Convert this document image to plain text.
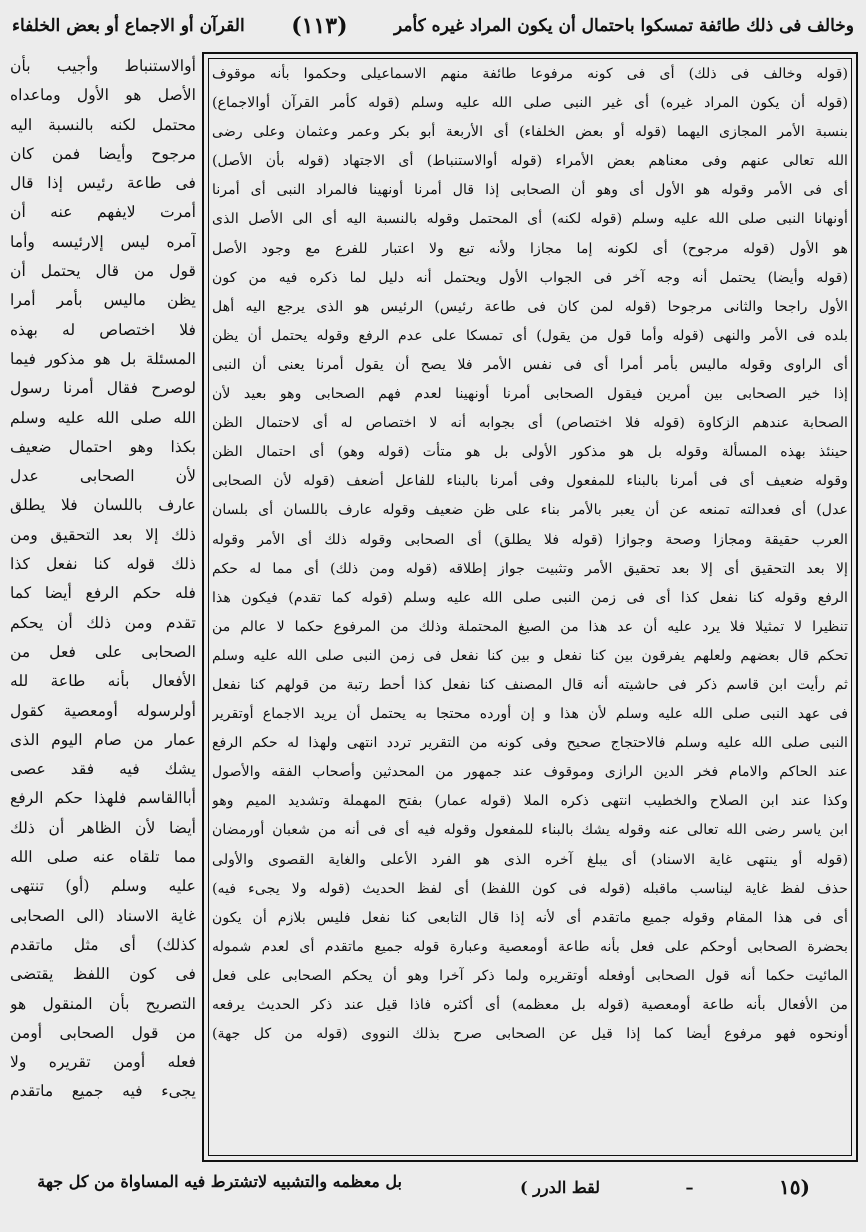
وخالف فى ذلك طائفة تمسكوا باحتمال أن يكون المراد غيره كأمر
(١١٣)
القرآن أو الاجماع أو بعض الخلفاء
(قوله وخالف فى ذلك) أى فى كونه مرفوعا طائفة منهم الاسماعيلى وحكموا بأنه موقوف
(قوله أن يكون المراد غيره) أى غير النبى صلى الله عليه وسلم (قوله كأمر القرآن أوالاجماع)
بنسبة الأمر المجازى اليهما (قوله أو بعض الخلفاء) أى الأربعة أبو بكر وعمر وعثمان وعلى رضى
الله تعالى عنهم وفى معناهم بعض الأمراء (قوله أوالاستنباط) أى الاجتهاد (قوله بأن الأصل)
أى فى الأمر وقوله هو الأول أى وهو أن الصحابى إذا قال أمرنا أونهينا فالمراد النبى أى أمرنا
أونهانا النبى صلى الله عليه وسلم (قوله لكنه) أى المحتمل وقوله بالنسبة اليه أى الى الأصل الذى
هو الأول (قوله مرجوح) أى لكونه إما مجازا ولأنه تبع ولا اعتبار للفرع مع وجود الأصل
(قوله وأيضا) يحتمل أنه وجه آخر فى الجواب الأول ويحتمل أنه دليل لما ذكره فيه من كون
الأول راجحا والثانى مرجوحا (قوله لمن كان فى طاعة رئيس) الرئيس هو الذى يرجع اليه أهل
بلده فى الأمر والنهى (قوله وأما قول من يقول) أى تمسكا على عدم الرفع وقوله يحتمل أن يظن
أى الراوى وقوله ماليس بأمر أمرا أى فى نفس الأمر فلا يصح أن يقول أمرنا يعنى أن النبى
إذا خير الصحابى بين أمرين فيقول الصحابى أمرنا أونهينا لعدم فهم الصحابى وهو بعيد لأن
الصحابة عندهم الزكاوة (قوله فلا اختصاص) أى بجوابه أنه لا اختصاص له أى لاحتمال الظن
حينئذ بهذه المسألة وقوله بل هو مذكور الأولى بل هو متأت (قوله وهو) أى احتمال الظن
وقوله ضعيف أى فى أمرنا بالبناء للمفعول وفى أمرنا بالبناء للفاعل أضعف (قوله لأن الصحابى
عدل) أى فعدالته تمنعه عن أن يعبر بالأمر بناء على ظن ضعيف وقوله عارف باللسان أى بلسان
العرب حقيقة ومجازا وصحة وجوازا (قوله فلا يطلق) أى الصحابى وقوله ذلك أى الأمر وقوله
إلا بعد التحقيق أى إلا بعد تحقيق الأمر وتثبيت جواز إطلاقه (قوله ومن ذلك) أى مما له حكم
الرفع وقوله كنا نفعل كذا أى فى زمن النبى صلى الله عليه وسلم (قوله كما تقدم) فيكون هذا
تنظيرا لا تمثيلا فلا يرد عليه أن عد هذا من الصيغ المحتملة وذلك من المرفوع حكما لا عالم من
تحكم قال بعضهم ولعلهم يفرقون بين كنا نفعل و بين كنا نفعل فى زمن النبى صلى الله عليه وسلم
ثم رأيت ابن قاسم ذكر فى حاشيته أنه قال المصنف كنا نفعل كذا أحط رتبة من قولهم كنا نفعل
فى عهد النبى صلى الله عليه وسلم لأن هذا و إن أورده محتجا به يحتمل أن يريد الاجماع أوتقرير
النبى صلى الله عليه وسلم فالاحتجاج صحيح وفى كونه من التقرير تردد انتهى ولهذا له حكم الرفع
عند الحاكم والامام فخر الدين الرازى وموقوف عند جمهور من المحدثين وأصحاب الفقه والأصول
وكذا عند ابن الصلاح والخطيب انتهى ذكره الملا (قوله عمار) بفتح المهملة وتشديد الميم وهو
ابن ياسر رضى الله تعالى عنه وقوله يشك بالبناء للمفعول وقوله فيه أى فى أنه من شعبان أورمضان
(قوله أو ينتهى غاية الاسناد) أى يبلغ آخره الذى هو الفرد الأعلى والغاية القصوى والأولى
حذف لفظ غاية ليناسب ماقبله (قوله فى كون اللفظ) أى لفظ الحديث (قوله ولا يجىء فيه)
أى فى هذا المقام وقوله جميع ماتقدم أى لأنه إذا قال التابعى كنا نفعل فليس بلازم أن يكون
بحضرة الصحابى أوحكم على فعل بأنه طاعة أومعصية وعبارة قوله جميع ماتقدم أى لعدم شموله
المائيت حكما أنه قول الصحابى أوفعله أوتقريره ولما ذكر آخرا وهو أن يحكم الصحابى على فعل
من الأفعال بأنه طاعة أومعصية (قوله بل معظمه) أى أكثره فاذا قيل عند ذكر الحديث يرفعه
أونحوه فهو مرفوع أيضا كما إذا قيل عن الصحابى صرح بذلك النووى (قوله من كل جهة)
أوالاستنباط وأجيب بأن
الأصل هو الأول وماعداه
محتمل لكنه بالنسبة اليه
مرجوح وأيضا فمن كان
فى طاعة رئيس إذا قال
أمرت لايفهم عنه أن
آمره ليس إلارئيسه وأما
قول من قال يحتمل أن
يظن ماليس بأمر أمرا
فلا اختصاص له بهذه
المسئلة بل هو مذكور فيما
لوصرح فقال أمرنا رسول
الله صلى الله عليه وسلم
بكذا وهو احتمال ضعيف
لأن الصحابى عدل
عارف باللسان فلا يطلق
ذلك إلا بعد التحقيق ومن
ذلك قوله كنا نفعل كذا
فله حكم الرفع أيضا كما
تقدم ومن ذلك أن يحكم
الصحابى على فعل من
الأفعال بأنه طاعة لله
أولرسوله أومعصية كقول
عمار من صام اليوم الذى
يشك فيه فقد عصى
أباالقاسم فلهذا حكم الرفع
أيضا لأن الظاهر أن ذلك
مما تلقاه عنه صلى الله
عليه وسلم (أو) تنتهى
غاية الاسناد (الى الصحابى
كذلك) أى مثل ماتقدم
فى كون اللفظ يقتضى
التصريح بأن المنقول هو
من قول الصحابى أومن
فعله أومن تقريره ولا
يجىء فيه جميع ماتقدم
بل معظمه والتشبيه لاتشترط فيه المساواة من كل جهة	(١٥
–
لقط الدرر )
